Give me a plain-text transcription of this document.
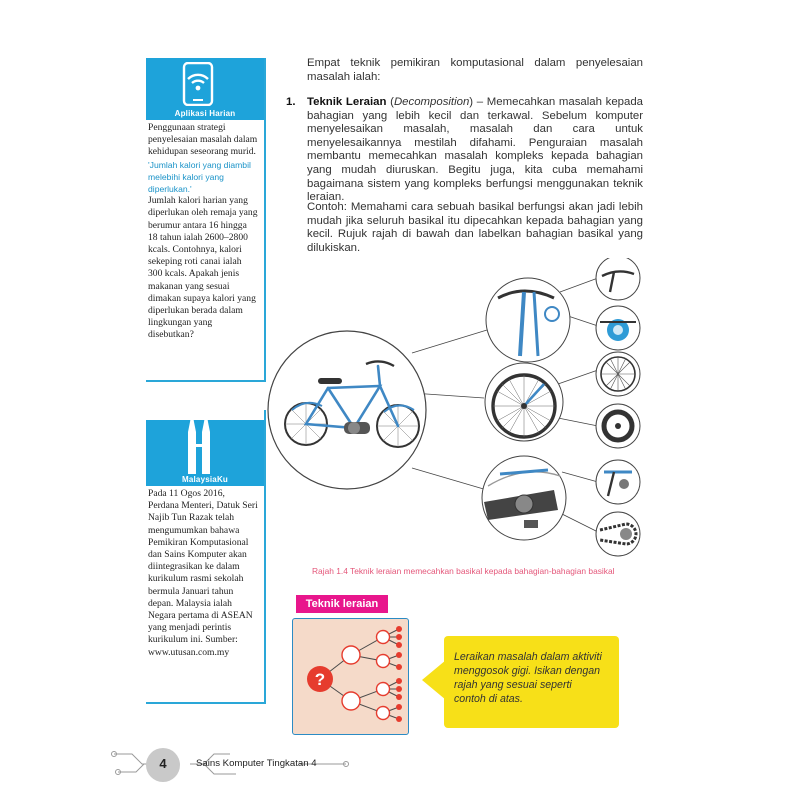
Aplikasi Harian
Penggunaan strategi penyelesaian masalah dalam kehidupan seseorang murid.
'Jumlah kalori yang diambil melebihi kalori yang diperlukan.'
Jumlah kalori harian yang diperlukan oleh remaja yang berumur antara 16 hingga 18 tahun ialah 2600–2800 kcals. Contohnya, kalori sekeping roti canai ialah 300 kcals. Apakah jenis makanan yang sesuai dimakan supaya kalori yang diperlukan berada dalam lingkungan yang disebutkan?
MalaysiaKu
Pada 11 Ogos 2016, Perdana Menteri, Datuk Seri Najib Tun Razak telah mengumumkan bahawa Pemikiran Komputasional dan Sains Komputer akan diintegrasikan ke dalam kurikulum rasmi sekolah bermula Januari tahun depan. Malaysia ialah Negara pertama di ASEAN yang menjadi perintis kurikulum ini. Sumber: www.utusan.com.my
Empat teknik pemikiran komputasional dalam penyelesaian masalah ialah:
1. Teknik Leraian (Decomposition) – Memecahkan masalah kepada bahagian yang lebih kecil dan terkawal. Sebelum komputer menyelesaikan masalah, masalah dan cara untuk menyelesaikannya mestilah difahami. Penguraian masalah membantu memecahkan masalah kompleks kepada bahagian yang mudah diuruskan. Begitu juga, kita cuba memahami bagaimana sistem yang kompleks berfungsi menggunakan teknik leraian.
Contoh: Memahami cara sebuah basikal berfungsi akan jadi lebih mudah jika seluruh basikal itu dipecahkan kepada bahagian yang kecil. Rujuk rajah di bawah dan labelkan bahagian basikal yang dilukiskan.
Rajah 1.4 Teknik leraian memecahkan basikal kepada bahagian-bahagian basikal
Teknik leraian
?
Leraikan masalah dalam aktiviti menggosok gigi. Isikan dengan rajah yang sesuai seperti contoh di atas.
4	Sains Komputer Tingkatan 4
